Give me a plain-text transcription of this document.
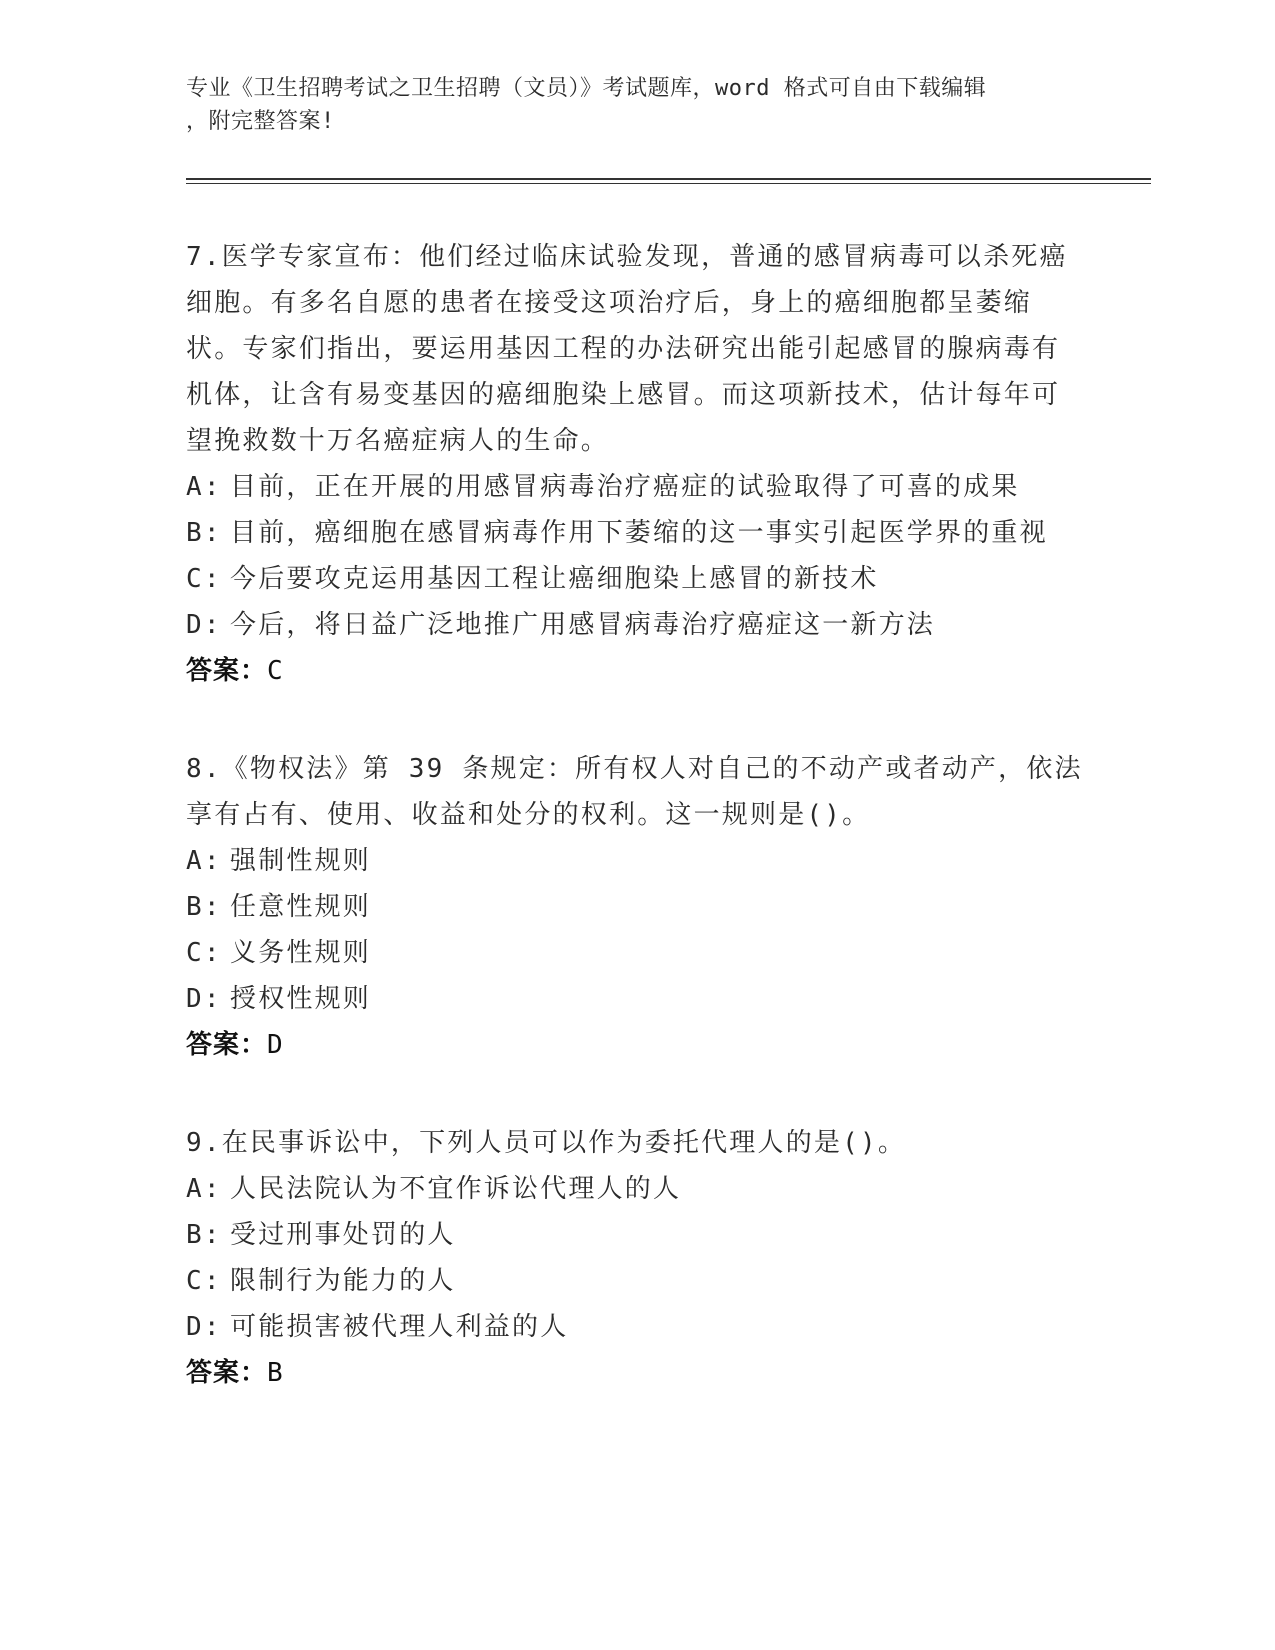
专业《卫生招聘考试之卫生招聘（文员）》考试题库，word 格式可自由下载编辑
，附完整答案!

7.医学专家宣布：他们经过临床试验发现，普通的感冒病毒可以杀死癌细胞。有多名自愿的患者在接受这项治疗后，身上的癌细胞都呈萎缩状。专家们指出，要运用基因工程的办法研究出能引起感冒的腺病毒有机体，让含有易变基因的癌细胞染上感冒。而这项新技术，估计每年可望挽救数十万名癌症病人的生命。

A: 目前，正在开展的用感冒病毒治疗癌症的试验取得了可喜的成果

B: 目前，癌细胞在感冒病毒作用下萎缩的这一事实引起医学界的重视

C: 今后要攻克运用基因工程让癌细胞染上感冒的新技术

D: 今后，将日益广泛地推广用感冒病毒治疗癌症这一新方法

答案：C

8.《物权法》第 39 条规定：所有权人对自己的不动产或者动产，依法享有占有、使用、收益和处分的权利。这一规则是()。

A: 强制性规则

B: 任意性规则

C: 义务性规则

D: 授权性规则

答案：D

9.在民事诉讼中，下列人员可以作为委托代理人的是()。

A: 人民法院认为不宜作诉讼代理人的人

B: 受过刑事处罚的人

C: 限制行为能力的人

D: 可能损害被代理人利益的人

答案：B
